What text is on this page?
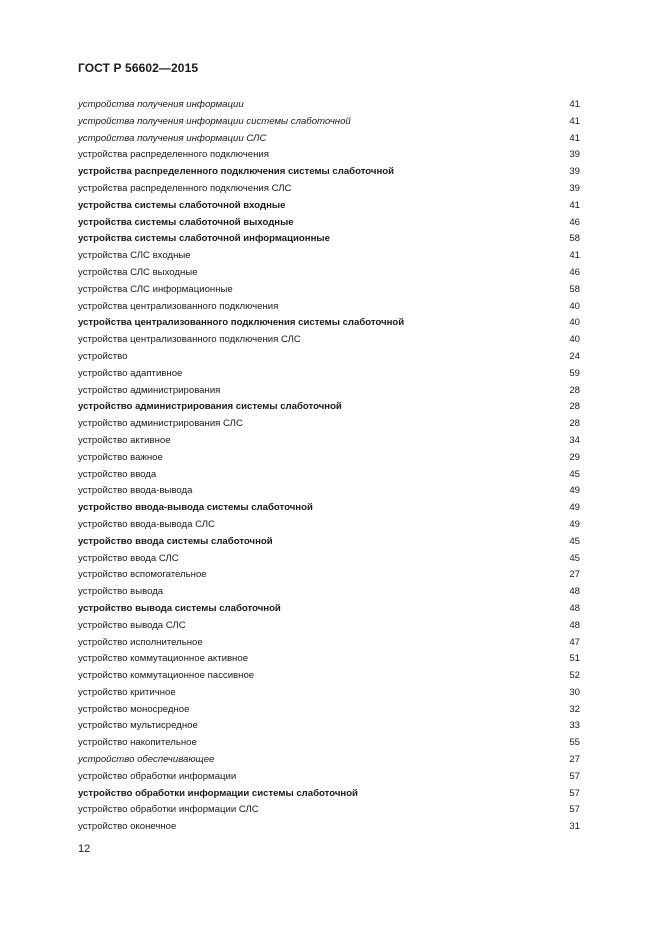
ГОСТ Р 56602—2015
устройства получения информации	41
устройства получения информации системы слаботочной	41
устройства получения информации СЛС	41
устройства распределенного подключения	39
устройства распределенного подключения системы слаботочной	39
устройства распределенного подключения СЛС	39
устройства системы слаботочной входные	41
устройства системы слаботочной выходные	46
устройства системы слаботочной информационные	58
устройства СЛС входные	41
устройства СЛС выходные	46
устройства СЛС информационные	58
устройства централизованного подключения	40
устройства централизованного подключения системы слаботочной	40
устройства централизованного подключения СЛС	40
устройство	24
устройство адаптивное	59
устройство администрирования	28
устройство администрирования системы слаботочной	28
устройство администрирования СЛС	28
устройство активное	34
устройство важное	29
устройство ввода	45
устройство ввода-вывода	49
устройство ввода-вывода системы слаботочной	49
устройство ввода-вывода СЛС	49
устройство ввода системы слаботочной	45
устройство ввода СЛС	45
устройство вспомогательное	27
устройство вывода	48
устройство вывода системы слаботочной	48
устройство вывода СЛС	48
устройство исполнительное	47
устройство коммутационное активное	51
устройство коммутационное пассивное	52
устройство критичное	30
устройство моносредное	32
устройство мультисредное	33
устройство накопительное	55
устройство обеспечивающее	27
устройство обработки информации	57
устройство обработки информации системы слаботочной	57
устройство обработки информации СЛС	57
устройство оконечное	31
12
